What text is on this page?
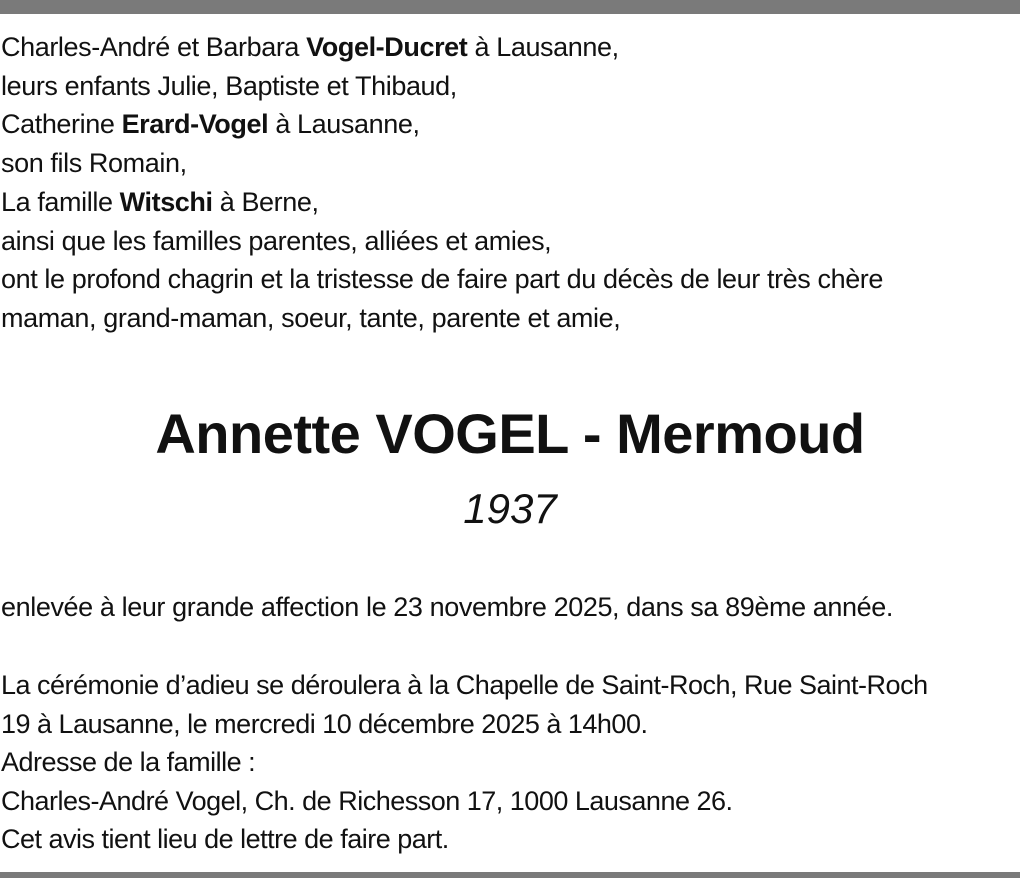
Charles-André et Barbara Vogel-Ducret à Lausanne,
leurs enfants Julie, Baptiste et Thibaud,
Catherine Erard-Vogel à Lausanne,
son fils Romain,
La famille Witschi à Berne,
ainsi que les familles parentes, alliées et amies,
ont le profond chagrin et la tristesse de faire part du décès de leur très chère
maman, grand-maman, soeur, tante, parente et amie,
Annette VOGEL - Mermoud
1937
enlevée à leur grande affection le 23 novembre 2025, dans sa 89ème année.
La cérémonie d’adieu se déroulera à la Chapelle de Saint-Roch, Rue Saint-Roch
19 à Lausanne, le mercredi 10 décembre 2025 à 14h00.
Adresse de la famille :
Charles-André Vogel, Ch. de Richesson 17, 1000 Lausanne 26.
Cet avis tient lieu de lettre de faire part.
